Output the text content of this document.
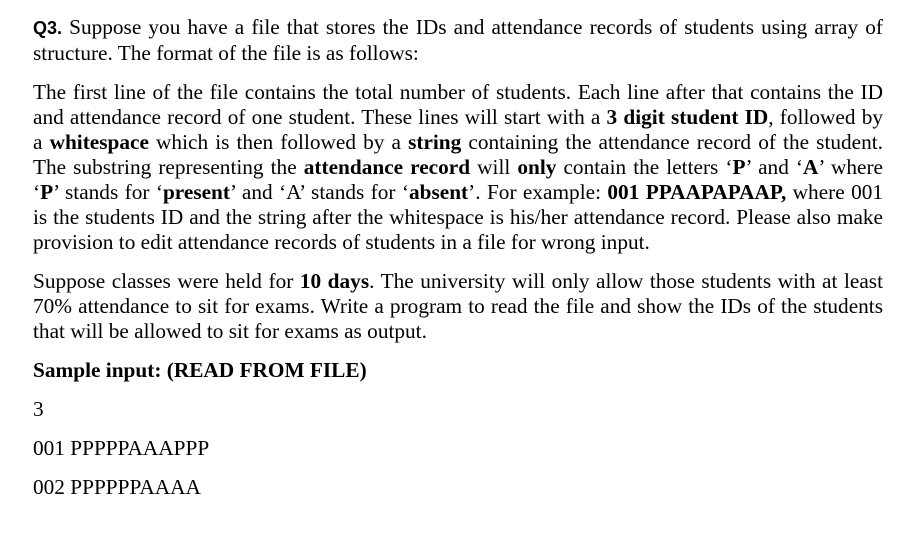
Q3. Suppose you have a file that stores the IDs and attendance records of students using array of structure. The format of the file is as follows:

The first line of the file contains the total number of students. Each line after that contains the ID and attendance record of one student. These lines will start with a 3 digit student ID, followed by a whitespace which is then followed by a string containing the attendance record of the student. The substring representing the attendance record will only contain the letters ‘P’ and ‘A’ where ‘P’ stands for ‘present’ and ‘A’ stands for ‘absent’. For example: 001 PPAAPAPAAP, where 001 is the students ID and the string after the whitespace is his/her attendance record. Please also make provision to edit attendance records of students in a file for wrong input.

Suppose classes were held for 10 days. The university will only allow those students with at least 70% attendance to sit for exams. Write a program to read the file and show the IDs of the students that will be allowed to sit for exams as output.

Sample input: (READ FROM FILE)

3

001 PPPPPAAAPPP

002 PPPPPPAAAA
